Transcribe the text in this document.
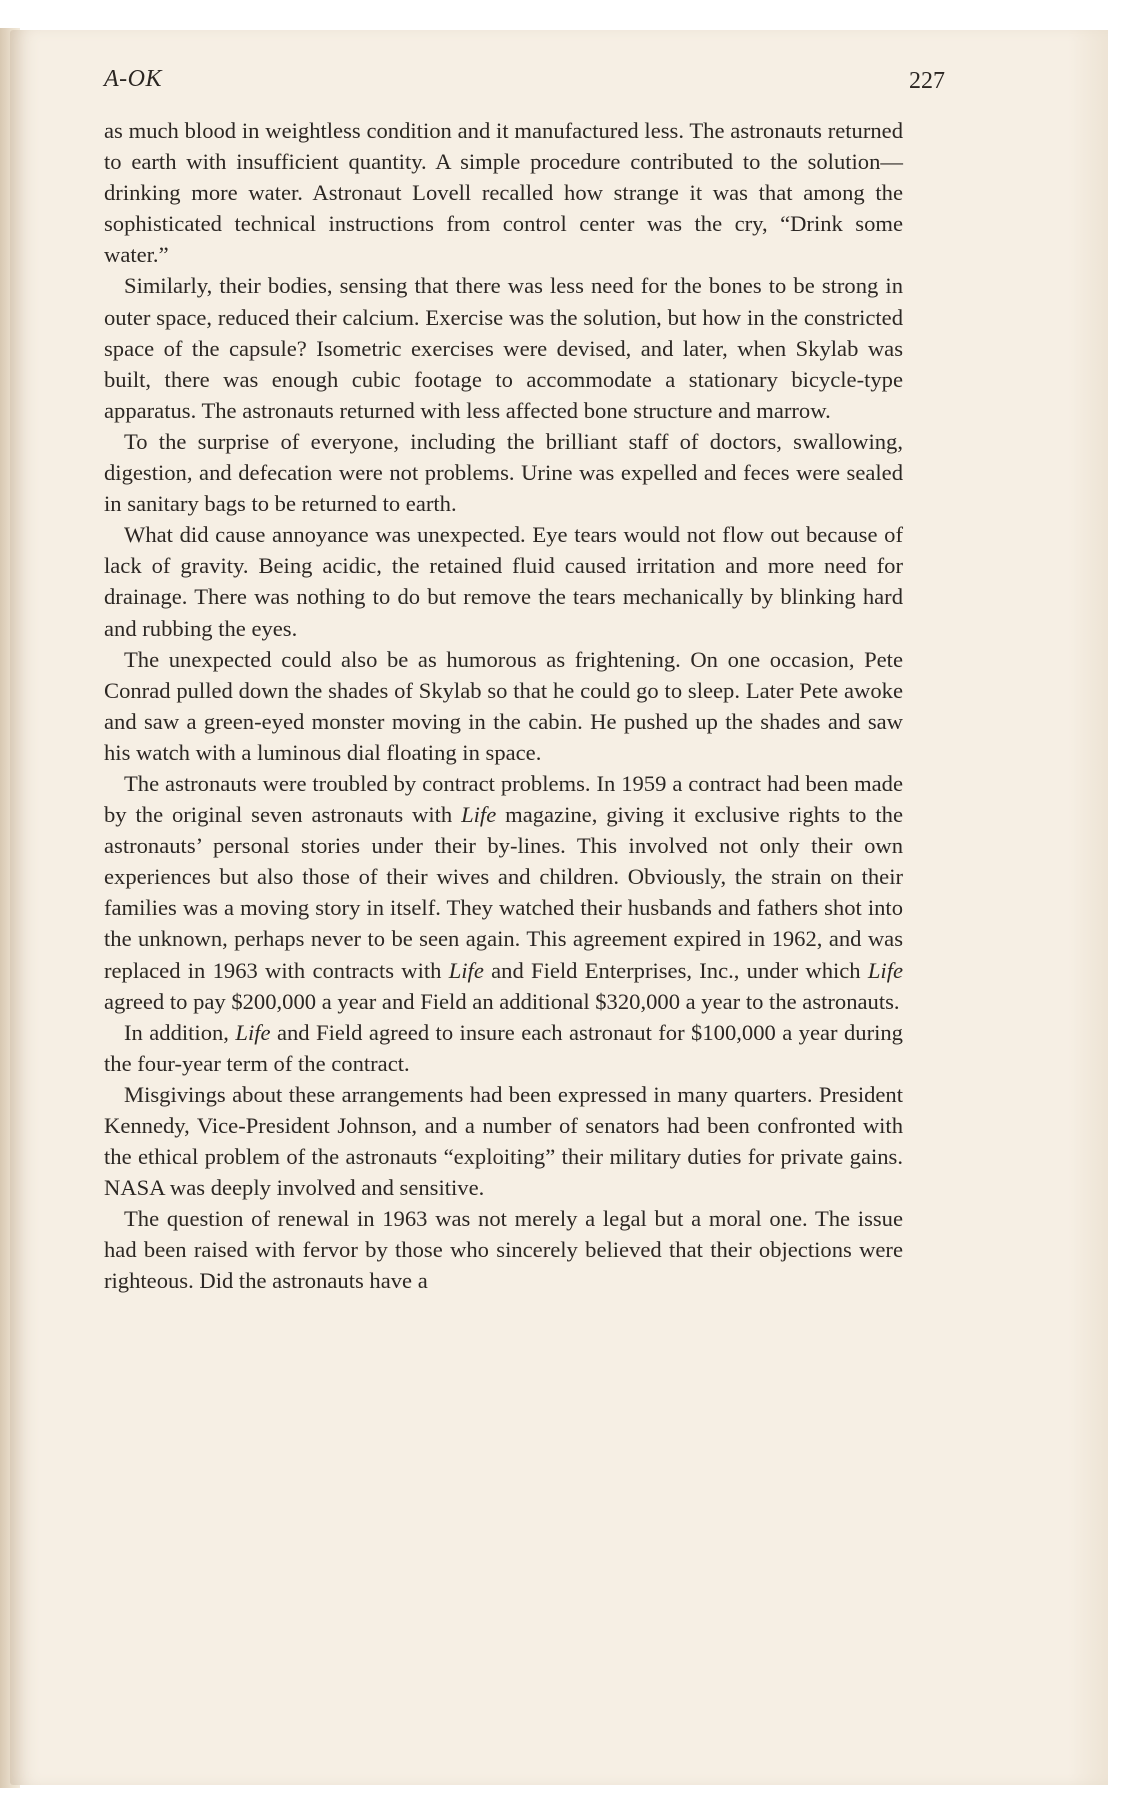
A-OK	227

as much blood in weightless condition and it manufactured less. The astronauts returned to earth with insufficient quantity. A simple procedure contributed to the solution—drinking more water. Astronaut Lovell recalled how strange it was that among the sophisticated technical instructions from control center was the cry, “Drink some water.”

Similarly, their bodies, sensing that there was less need for the bones to be strong in outer space, reduced their calcium. Exercise was the solution, but how in the constricted space of the capsule? Isometric exercises were devised, and later, when Skylab was built, there was enough cubic footage to accommodate a stationary bicycle-type apparatus. The astronauts returned with less affected bone structure and marrow.

To the surprise of everyone, including the brilliant staff of doctors, swallowing, digestion, and defecation were not problems. Urine was expelled and feces were sealed in sanitary bags to be returned to earth.

What did cause annoyance was unexpected. Eye tears would not flow out because of lack of gravity. Being acidic, the retained fluid caused irritation and more need for drainage. There was nothing to do but remove the tears mechanically by blinking hard and rubbing the eyes.

The unexpected could also be as humorous as frightening. On one occasion, Pete Conrad pulled down the shades of Skylab so that he could go to sleep. Later Pete awoke and saw a green-eyed monster moving in the cabin. He pushed up the shades and saw his watch with a luminous dial floating in space.

The astronauts were troubled by contract problems. In 1959 a contract had been made by the original seven astronauts with Life magazine, giving it exclusive rights to the astronauts’ personal stories under their by-lines. This involved not only their own experiences but also those of their wives and children. Obviously, the strain on their families was a moving story in itself. They watched their husbands and fathers shot into the unknown, perhaps never to be seen again. This agreement expired in 1962, and was replaced in 1963 with contracts with Life and Field Enterprises, Inc., under which Life agreed to pay $200,000 a year and Field an additional $320,000 a year to the astronauts.

In addition, Life and Field agreed to insure each astronaut for $100,000 a year during the four-year term of the contract.

Misgivings about these arrangements had been expressed in many quarters. President Kennedy, Vice-President Johnson, and a number of senators had been confronted with the ethical problem of the astronauts “exploiting” their military duties for private gains. NASA was deeply involved and sensitive.

The question of renewal in 1963 was not merely a legal but a moral one. The issue had been raised with fervor by those who sincerely believed that their objections were righteous. Did the astronauts have a
